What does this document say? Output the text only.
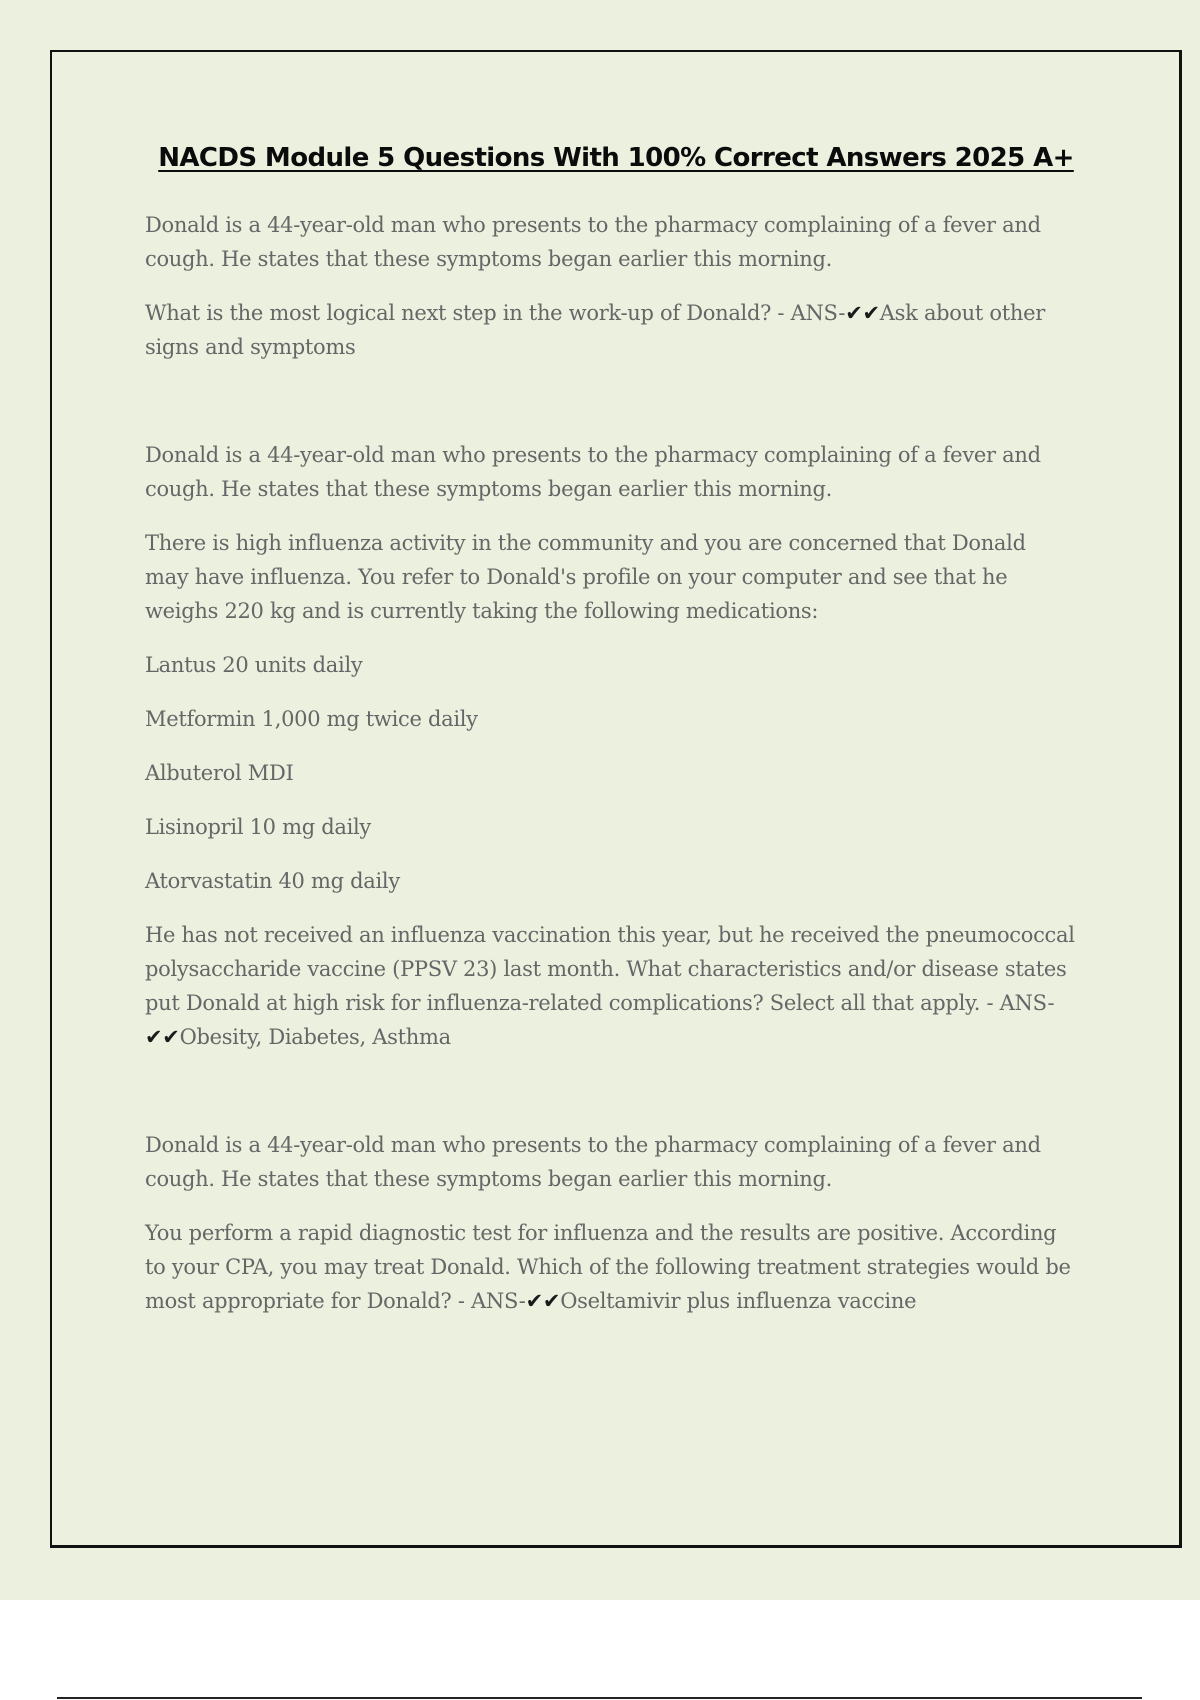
NACDS Module 5 Questions With 100% Correct Answers 2025 A+

Donald is a 44-year-old man who presents to the pharmacy complaining of a fever and cough. He states that these symptoms began earlier this morning.

What is the most logical next step in the work-up of Donald? - ANS-✔✔Ask about other signs and symptoms

Donald is a 44-year-old man who presents to the pharmacy complaining of a fever and cough. He states that these symptoms began earlier this morning.

There is high influenza activity in the community and you are concerned that Donald may have influenza. You refer to Donald's profile on your computer and see that he weighs 220 kg and is currently taking the following medications:

Lantus 20 units daily

Metformin 1,000 mg twice daily

Albuterol MDI

Lisinopril 10 mg daily

Atorvastatin 40 mg daily

He has not received an influenza vaccination this year, but he received the pneumococcal polysaccharide vaccine (PPSV 23) last month. What characteristics and/or disease states put Donald at high risk for influenza-related complications? Select all that apply. - ANS-✔✔Obesity, Diabetes, Asthma

Donald is a 44-year-old man who presents to the pharmacy complaining of a fever and cough. He states that these symptoms began earlier this morning.

You perform a rapid diagnostic test for influenza and the results are positive. According to your CPA, you may treat Donald. Which of the following treatment strategies would be most appropriate for Donald? - ANS-✔✔Oseltamivir plus influenza vaccine
